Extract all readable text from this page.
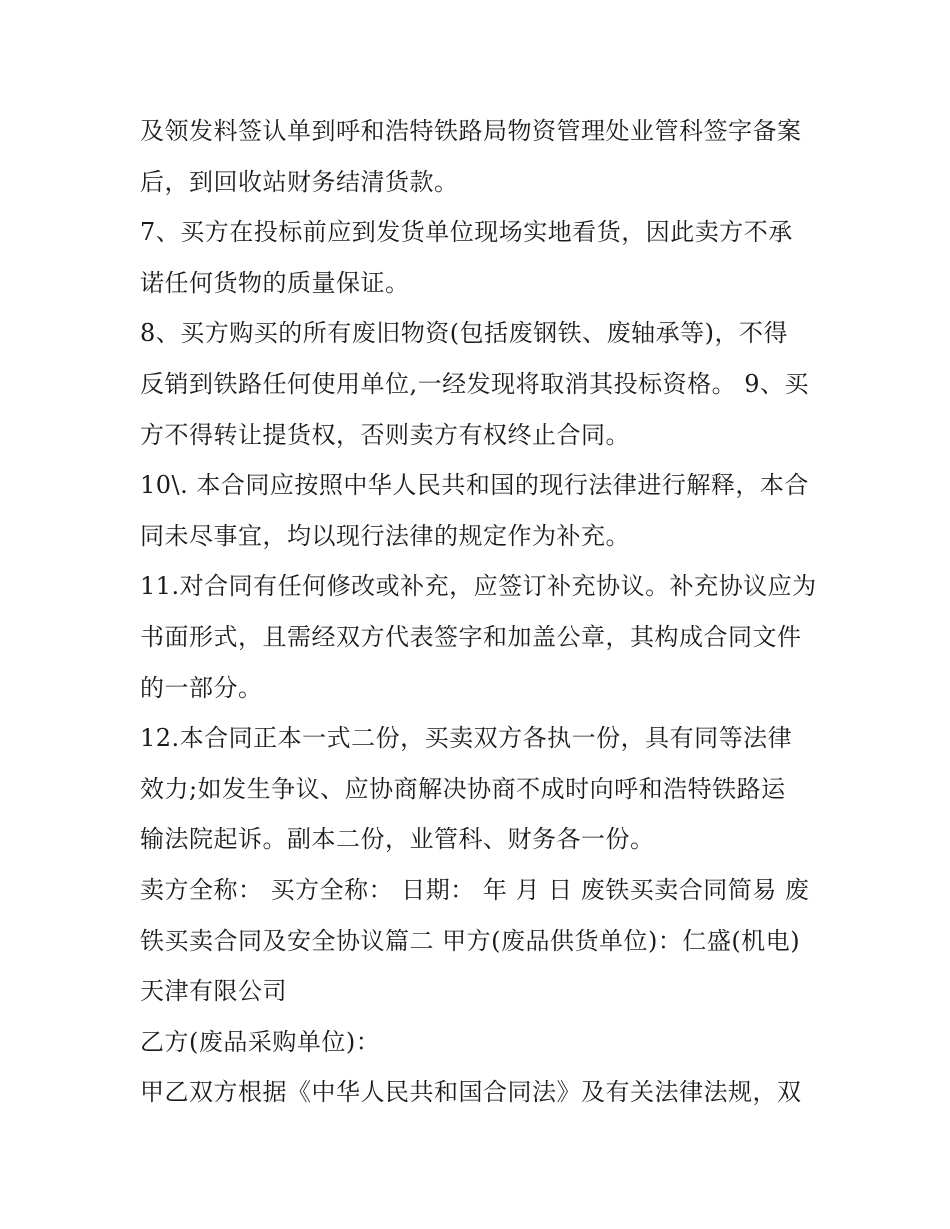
及领发料签认单到呼和浩特铁路局物资管理处业管科签字备案
后，到回收站财务结清货款。
7、买方在投标前应到发货单位现场实地看货，因此卖方不承
诺任何货物的质量保证。
8、买方购买的所有废旧物资(包括废钢铁、废轴承等)，不得
反销到铁路任何使用单位,一经发现将取消其投标资格。 9、买
方不得转让提货权，否则卖方有权终止合同。
10\. 本合同应按照中华人民共和国的现行法律进行解释，本合
同未尽事宜，均以现行法律的规定作为补充。
11.对合同有任何修改或补充，应签订补充协议。补充协议应为
书面形式，且需经双方代表签字和加盖公章，其构成合同文件
的一部分。
12.本合同正本一式二份，买卖双方各执一份，具有同等法律
效力;如发生争议、应协商解决协商不成时向呼和浩特铁路运
输法院起诉。副本二份，业管科、财务各一份。
卖方全称： 买方全称： 日期： 年 月 日 废铁买卖合同简易 废
铁买卖合同及安全协议篇二 甲方(废品供货单位)：仁盛(机电)
天津有限公司
乙方(废品采购单位)：
甲乙双方根据《中华人民共和国合同法》及有关法律法规，双
